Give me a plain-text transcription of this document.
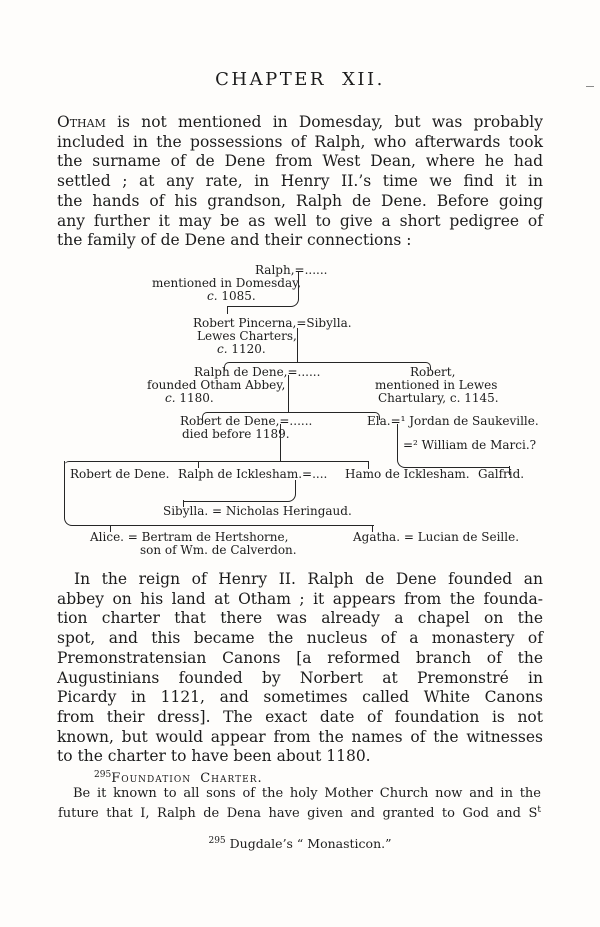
CHAPTER XII.
Otham is not mentioned in Domesday, but was probably
included in the possessions of Ralph, who afterwards took
the surname of de Dene from West Dean, where he had
settled ; at any rate, in Henry II.’s time we find it in
the hands of his grandson, Ralph de Dene. Before going
any further it may be as well to give a short pedigree of
the family of de Dene and their connections :
Ralph,=......
mentioned in Domesday,
c. 1085.
Robert Pincerna,=Sibylla.
Lewes Charters,
c. 1120.
Ralph de Dene,=......
founded Otham Abbey,
c. 1180.
Robert,
mentioned in Lewes
Chartulary, c. 1145.
Robert de Dene,=......
died before 1189.
Ela.=¹ Jordan de Saukeville.
=² William de Marci.?
Robert de Dene. Ralph de Icklesham.=.... Hamo de Icklesham. Galfrid.
Sibylla. = Nicholas Heringaud.
Alice. = Bertram de Hertshorne,
son of Wm. de Calverdon.
Agatha. = Lucian de Seille.
In the reign of Henry II. Ralph de Dene founded an
abbey on his land at Otham ; it appears from the founda-
tion charter that there was already a chapel on the
spot, and this became the nucleus of a monastery of
Premonstratensian Canons [a reformed branch of the
Augustinians founded by Norbert at Premonstré in
Picardy in 1121, and sometimes called White Canons
from their dress]. The exact date of foundation is not
known, but would appear from the names of the witnesses
to the charter to have been about 1180.
$^{295}$Foundation Charter.
Be it known to all sons of the holy Mother Church now and in the
future that I, Ralph de Dena have given and granted to God and $S^t$
$^{295}$ Dugdale’s “ Monasticon.”
